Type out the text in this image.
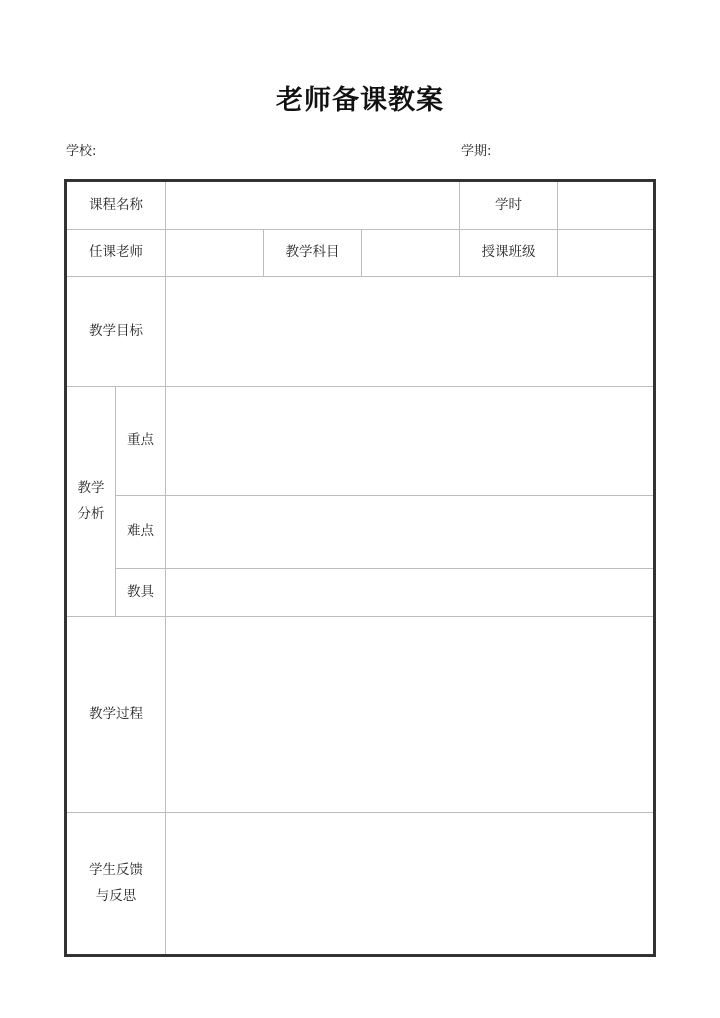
老师备课教案
学校:	学期:
课程名称					学时	
任课老师			教学科目		授课班级	
教学目标						

教学
分析	重点					
	难点					
	教具					
教学过程						

学生反馈
与反思						
